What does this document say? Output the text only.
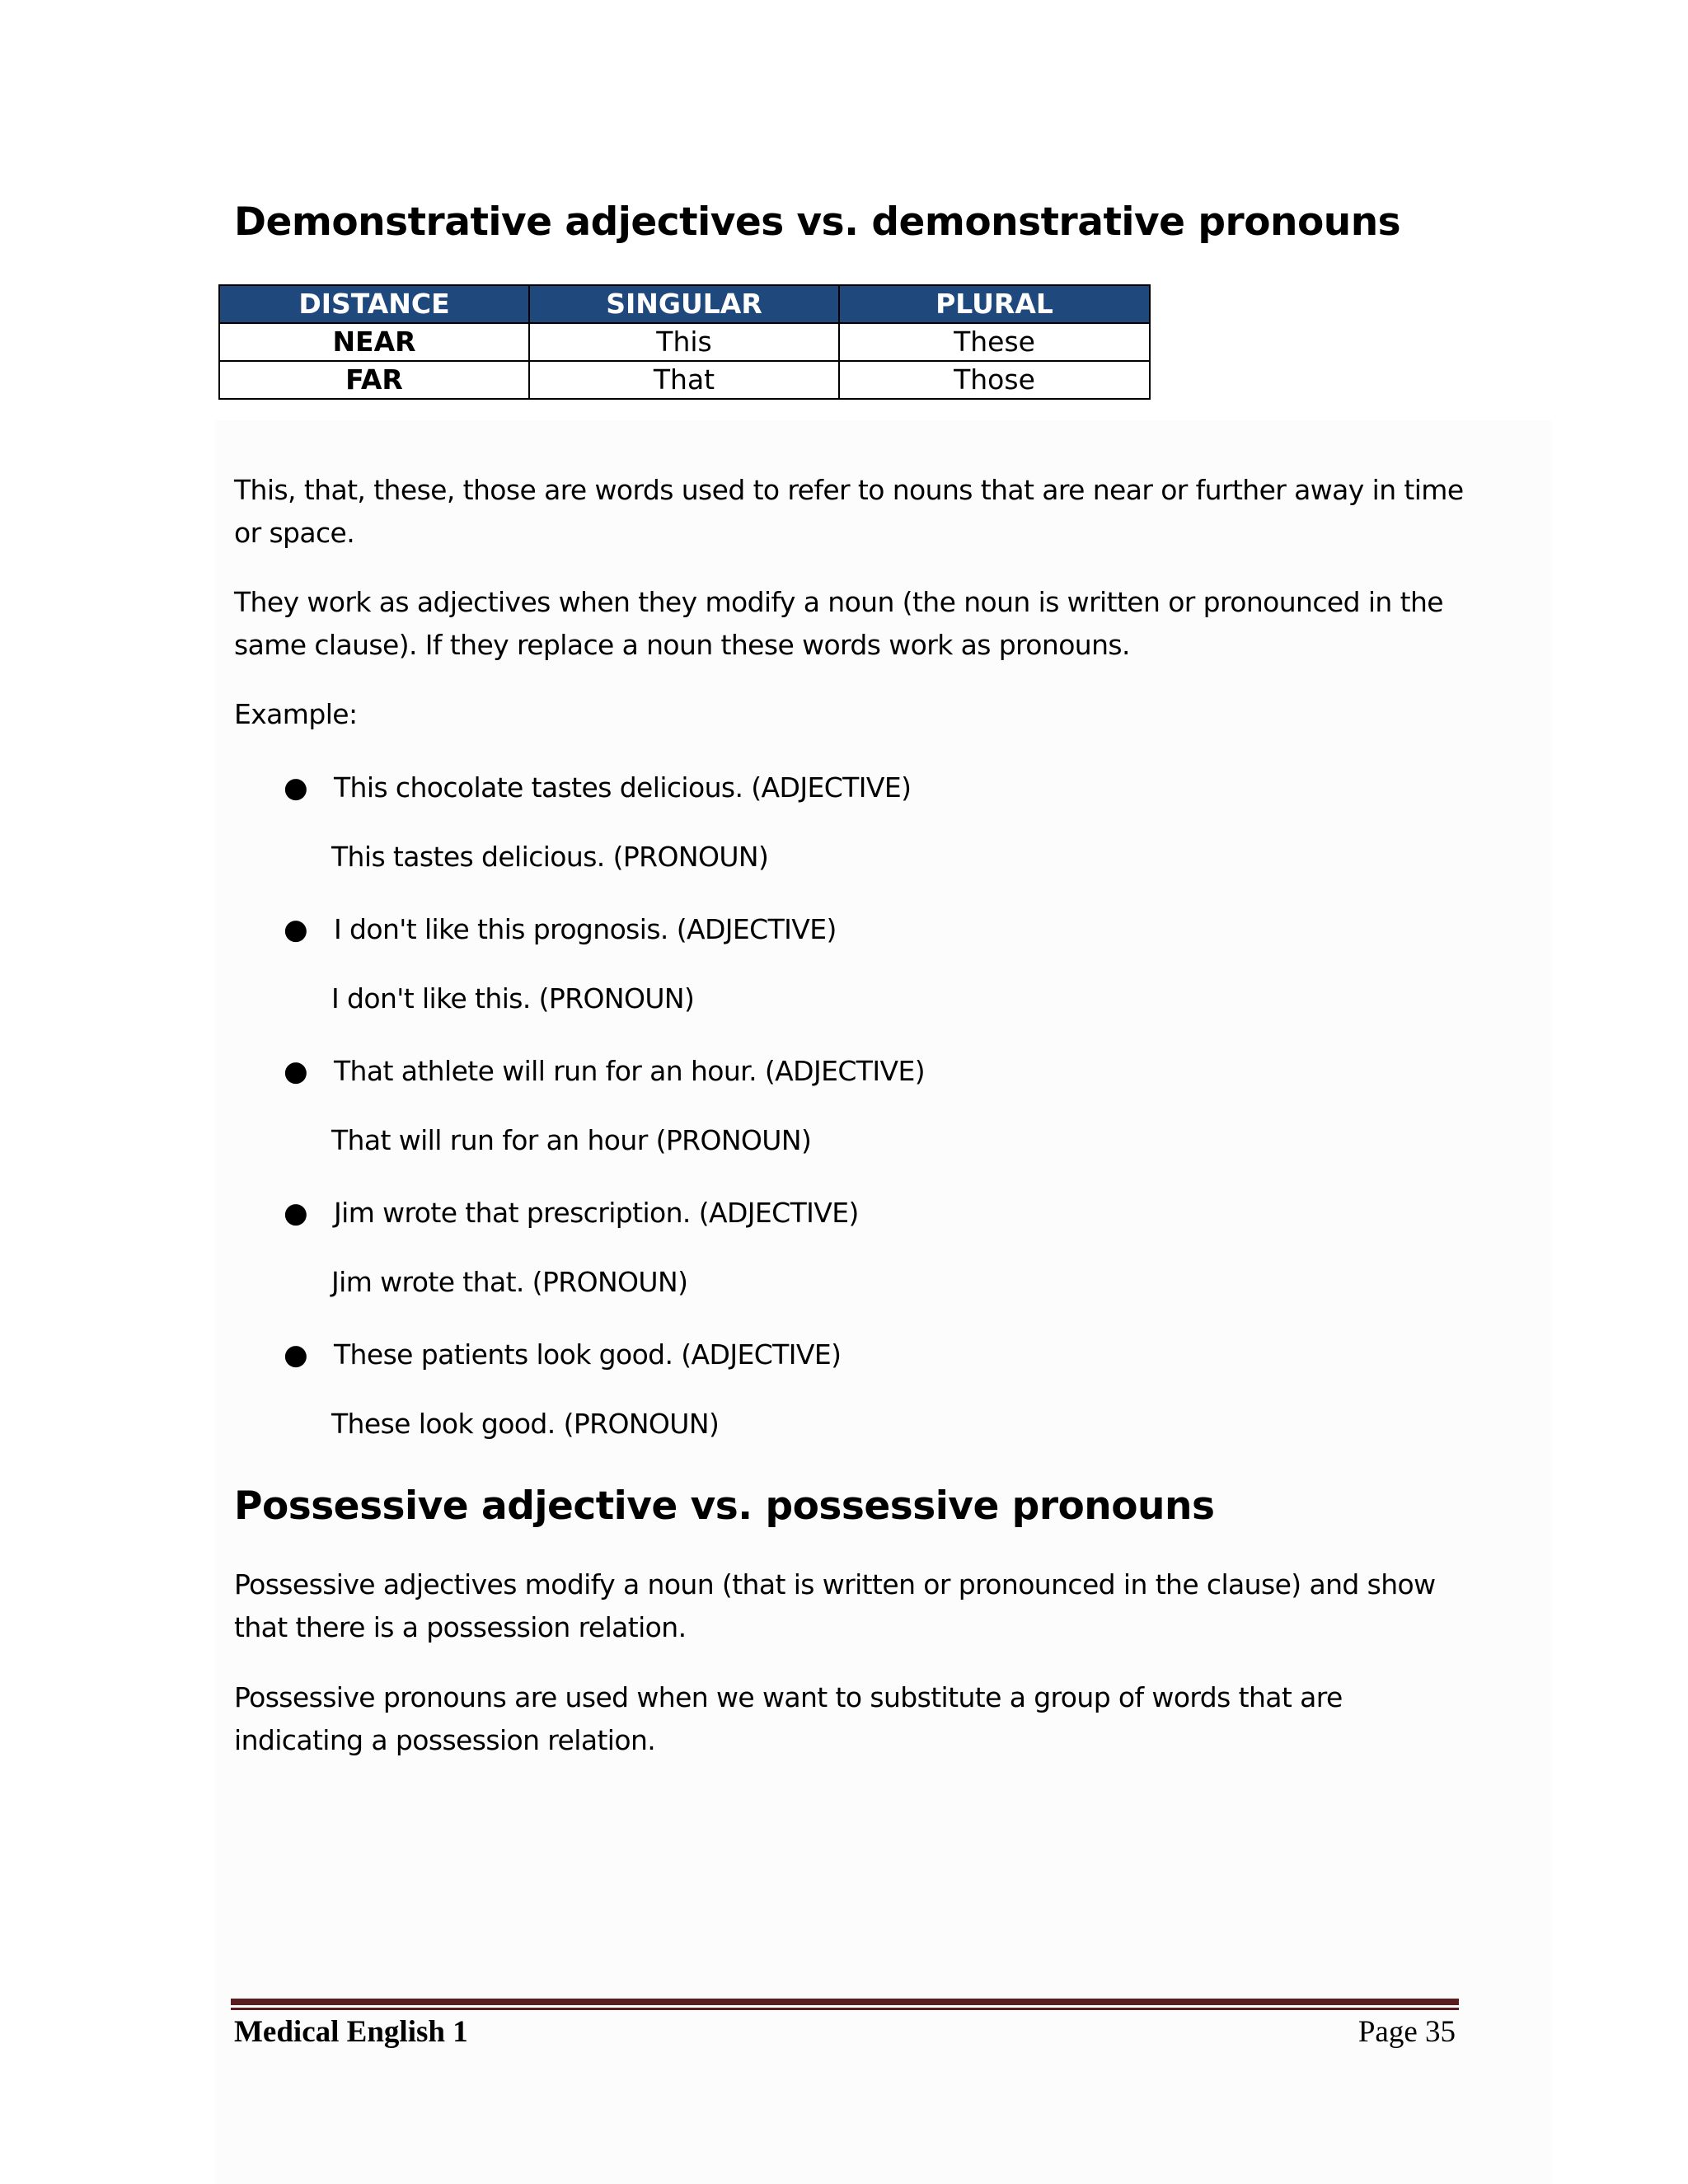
Demonstrative adjectives vs. demonstrative pronouns
Possessive adjective vs. possessive pronouns
DISTANCE	SINGULAR	PLURAL
NEAR	This	These
FAR	That	Those
This, that, these, those are words used to refer to nouns that are near or further away in time or space.
They work as adjectives when they modify a noun (the noun is written or pronounced in the same clause). If they replace a noun these words work as pronouns.
Example:
● This chocolate tastes delicious. (ADJECTIVE)
This tastes delicious. (PRONOUN)
● I don't like this prognosis. (ADJECTIVE)
I don't like this. (PRONOUN)
● That athlete will run for an hour. (ADJECTIVE)
That will run for an hour (PRONOUN)
● Jim wrote that prescription. (ADJECTIVE)
Jim wrote that. (PRONOUN)
● These patients look good. (ADJECTIVE)
These look good. (PRONOUN)
Possessive adjectives modify a noun (that is written or pronounced in the clause) and show that there is a possession relation.
Possessive pronouns are used when we want to substitute a group of words that are indicating a possession relation.
Medical English 1	Page 35
